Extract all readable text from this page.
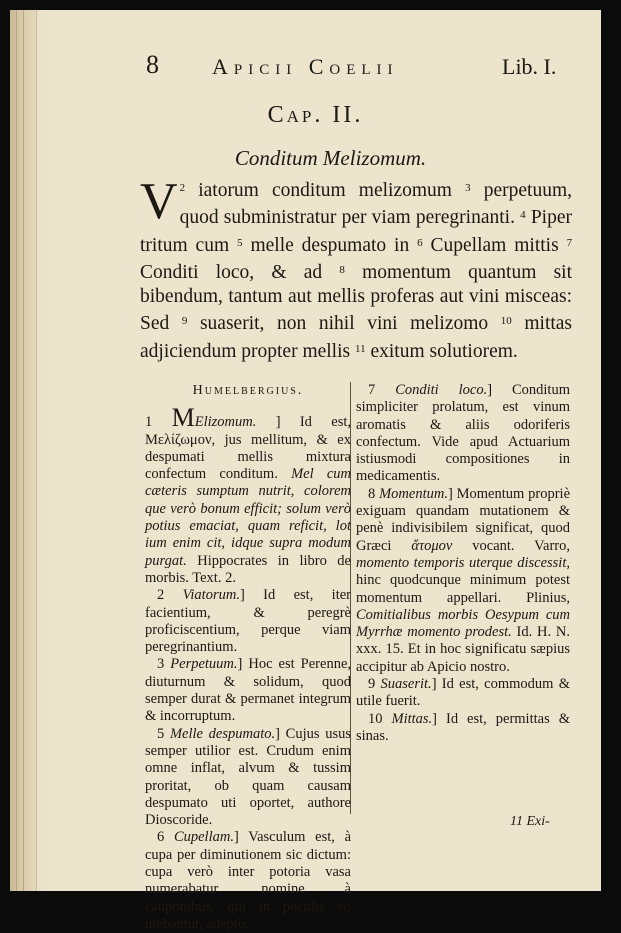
8 Apicii Coelii	Lib. I.
Cap. II.
Conditum Melizomum.
$^2$
V iatorum conditum melizomum $^3$ perpetuum, quod subministratur per viam peregrinanti. $^4$ Piper tritum cum $^5$ melle despumato in $^6$ Cupellam mittis $^7$ Conditi loco, & ad $^8$ momentum quantum sit bibendum, tantum aut mellis proferas aut vini misceas: Sed $^9$ suaserit, non nihil vini melizomo $^{10}$ mittas adjiciendum propter mellis $^{11}$ exitum solutiorem.
Humelbergius.

1 MElizomum. ] Id est, Μελίζωμον, jus mellitum, & ex despumati mellis mixtura confectum conditum. Mel cum cæteris sumptum nutrit, colorem que verò bonum efficit; solum verò potius emaciat, quam reficit, lot ium enim cit, idque supra modum purgat. Hippocrates in libro de morbis. Text. 2.

2 Viatorum.] Id est, iter facientium, & peregrè proficiscentium, perque viam peregrinantium.

3 Perpetuum.] Hoc est Perenne, diuturnum & solidum, quod semper durat & permanet integrum & incorruptum.

5 Melle despumato.] Cujus usus semper utilior est. Crudum enim omne inflat, alvum & tussim proritat, ob quam causam despumato uti oportet, authore Dioscoride.

6 Cupellam.] Vasculum est, à cupa per diminutionem sic dictum: cupa verò inter potoria vasa numerabatur, nomine à cauponibus, qui in poculis eo utebantur, adepto.

7 Conditi loco.] Conditum simpliciter prolatum, est vinum aromatis & aliis odoriferis confectum. Vide apud Actuarium istiusmodi compositiones in medicamentis.

8 Momentum.] Momentum propriè exiguam quandam mutationem & penè indivisibilem significat, quod Græci ἄτομον vocant. Varro, momento temporis uterque discessit, hinc quodcunque minimum potest momentum appellari. Plinius, Comitialibus morbis Oesypum cum Myrrhæ momento prodest. Id. H. N. xxx. 15. Et in hoc significatu sæpius accipitur ab Apicio nostro.

9 Suaserit.] Id est, commodum & utile fuerit.

10 Mittas.] Id est, permittas & sinas.

11 Exi-
